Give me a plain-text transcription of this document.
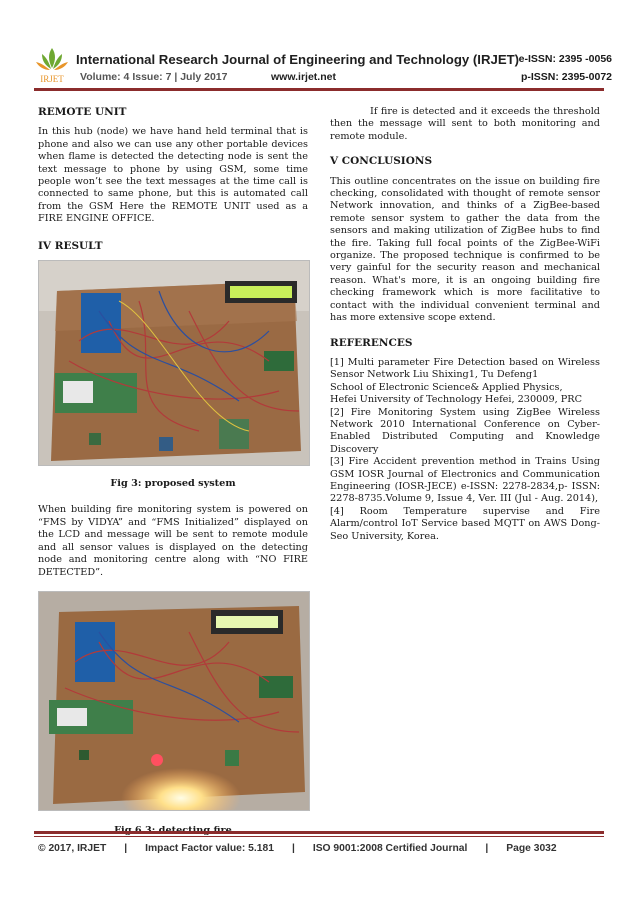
IRJET
International Research Journal of Engineering and Technology (IRJET) e-ISSN: 2395 -0056
Volume: 4 Issue: 7 | July 2017	www.irjet.net	p-ISSN: 2395-0072

REMOTE UNIT

In this hub (node) we have hand held terminal that is phone and also we can use any other portable devices when flame is detected the detecting node is sent the text message to phone by using GSM, some time people won’t see the text messages at the time call is connected to same phone, but this is automated call from the GSM Here the REMOTE UNIT used as a FIRE ENGINE OFFICE.

IV RESULT

Fig 3: proposed system

When building fire monitoring system is powered on “FMS by VIDYA” and “FMS Initialized” displayed on the LCD and message will be sent to remote module and all sensor values is displayed on the detecting node and monitoring centre along with “NO FIRE DETECTED”.

If fire is detected and it exceeds the threshold then the message will sent to both monitoring and remote module.

V CONCLUSIONS

This outline concentrates on the issue on building fire checking, consolidated with thought of remote sensor Network innovation, and thinks of a ZigBee-based remote sensor system to gather the data from the sensors and making utilization of ZigBee hubs to find the fire. Taking full focal points of the ZigBee-WiFi organize. The proposed technique is confirmed to be very gainful for the security reason and mechanical reason. What's more, it is an ongoing building fire checking framework which is more facilitative to contact with the individual convenient terminal and has more extensive scope extend.

REFERENCES

[1] Multi parameter Fire Detection based on Wireless Sensor Network Liu Shixing1, Tu Defeng1

School of Electronic Science& Applied Physics,

Hefei University of Technology Hefei, 230009, PRC

[2] Fire Monitoring System using ZigBee Wireless Network 2010 International Conference on Cyber-Enabled Distributed Computing and Knowledge Discovery

[3] Fire Accident prevention method in Trains Using GSM IOSR Journal of Electronics and Communication Engineering (IOSR-JECE) e-ISSN: 2278-2834,p- ISSN: 2278-8735.Volume 9, Issue 4, Ver. III (Jul - Aug. 2014),

[4] Room Temperature supervise and Fire Alarm/control IoT Service based MQTT on AWS Dong-Seo University, Korea.

© 2017, IRJET | Impact Factor value: 5.181 | ISO 9001:2008 Certified Journal | Page 3032
